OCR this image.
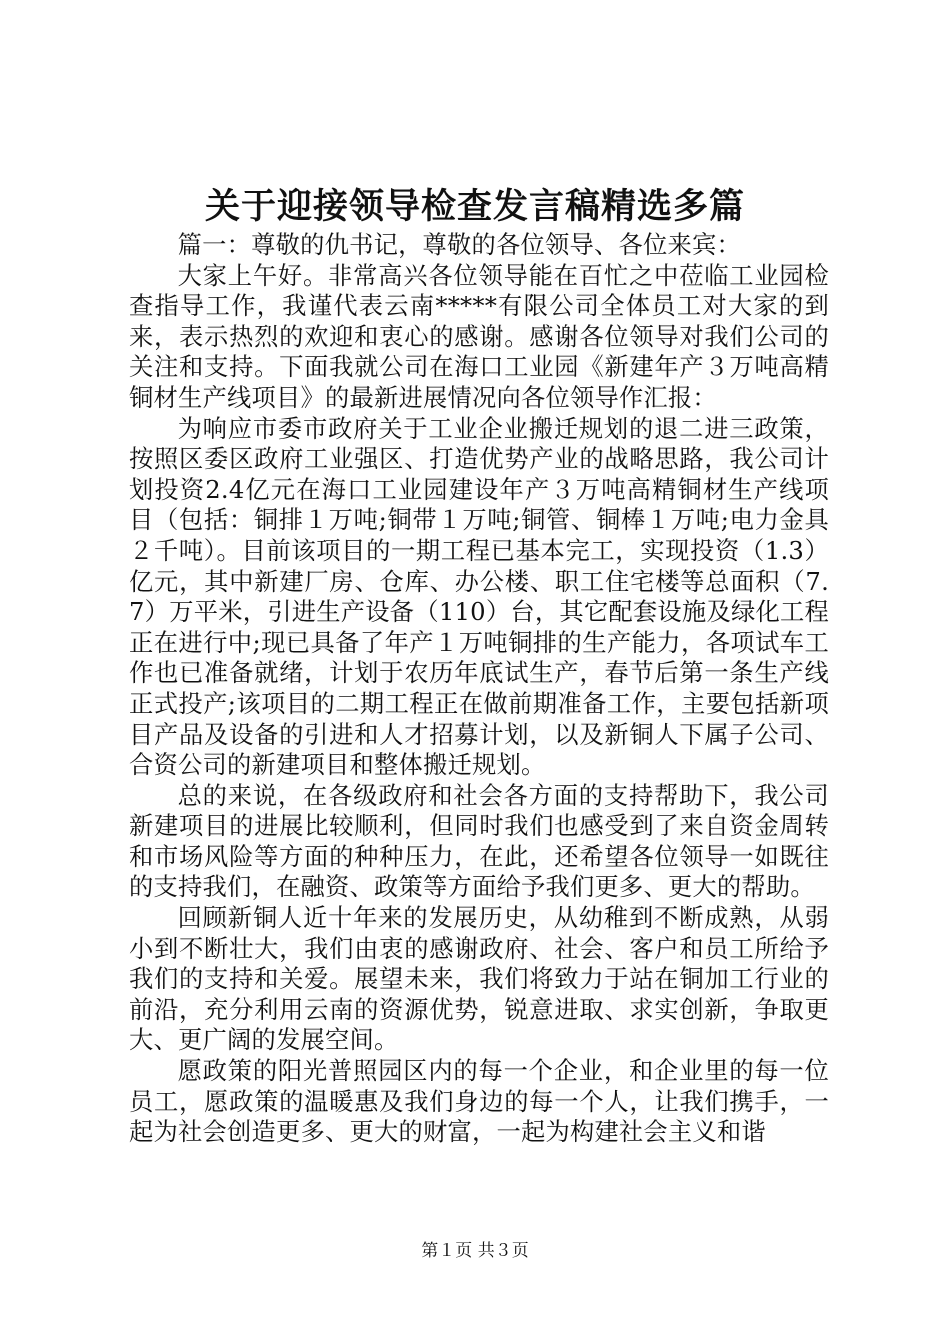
关于迎接领导检查发言稿精选多篇

篇一：尊敬的仇书记，尊敬的各位领导、各位来宾：

大家上午好。非常高兴各位领导能在百忙之中莅临工业园检查指导工作，我谨代表云南*****有限公司全体员工对大家的到来，表示热烈的欢迎和衷心的感谢。感谢各位领导对我们公司的关注和支持。下面我就公司在海口工业园《新建年产３万吨高精铜材生产线项目》的最新进展情况向各位领导作汇报：

为响应市委市政府关于工业企业搬迁规划的退二进三政策，按照区委区政府工业强区、打造优势产业的战略思路，我公司计划投资2.4亿元在海口工业园建设年产３万吨高精铜材生产线项目（包括：铜排１万吨;铜带１万吨;铜管、铜棒１万吨;电力金具２千吨）。目前该项目的一期工程已基本完工，实现投资（1.3）亿元，其中新建厂房、仓库、办公楼、职工住宅楼等总面积（7.7）万平米，引进生产设备（110）台，其它配套设施及绿化工程正在进行中;现已具备了年产１万吨铜排的生产能力，各项试车工作也已准备就绪，计划于农历年底试生产，春节后第一条生产线正式投产;该项目的二期工程正在做前期准备工作，主要包括新项目产品及设备的引进和人才招募计划，以及新铜人下属子公司、合资公司的新建项目和整体搬迁规划。

总的来说，在各级政府和社会各方面的支持帮助下，我公司新建项目的进展比较顺利，但同时我们也感受到了来自资金周转和市场风险等方面的种种压力，在此，还希望各位领导一如既往的支持我们，在融资、政策等方面给予我们更多、更大的帮助。

回顾新铜人近十年来的发展历史，从幼稚到不断成熟，从弱小到不断壮大，我们由衷的感谢政府、社会、客户和员工所给予我们的支持和关爱。展望未来，我们将致力于站在铜加工行业的前沿，充分利用云南的资源优势，锐意进取、求实创新，争取更大、更广阔的发展空间。

愿政策的阳光普照园区内的每一个企业，和企业里的每一位员工，愿政策的温暖惠及我们身边的每一个人，让我们携手，一起为社会创造更多、更大的财富，一起为构建社会主义和谐

第１页 共３页
